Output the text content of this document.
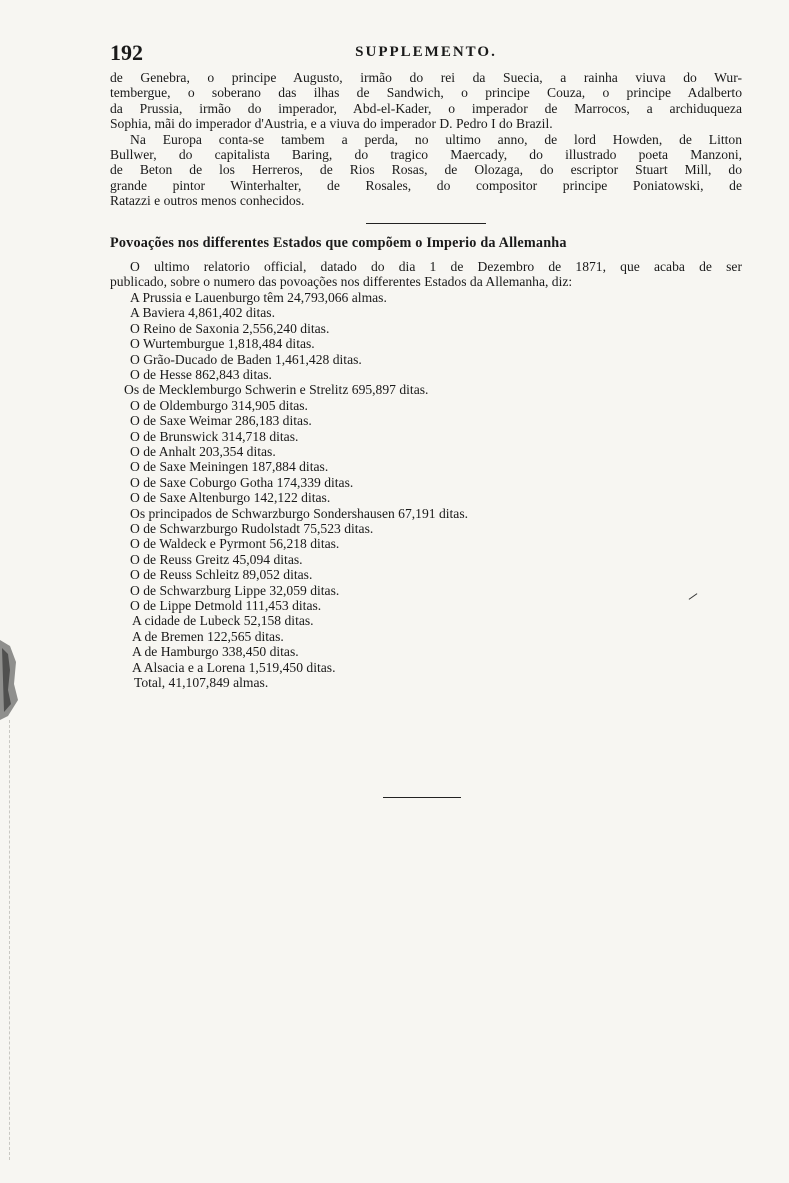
192	SUPPLEMENTO.

de Genebra, o principe Augusto, irmão do rei da Suecia, a rainha viuva do Wur-

tembergue, o soberano das ilhas de Sandwich, o principe Couza, o principe Adalberto

da Prussia, irmão do imperador, Abd-el-Kader, o imperador de Marrocos, a archiduqueza

Sophia, mãi do imperador d'Austria, e a viuva do imperador D. Pedro I do Brazil.

Na Europa conta-se tambem a perda, no ultimo anno, de lord Howden, de Litton

Bullwer, do capitalista Baring, do tragico Maercady, do illustrado poeta Manzoni,

de Beton de los Herreros, de Rios Rosas, de Olozaga, do escriptor Stuart Mill, do

grande pintor Winterhalter, de Rosales, do compositor principe Poniatowski, de

Ratazzi e outros menos conhecidos.

Povoações nos differentes Estados que compõem o Imperio da Allemanha

O ultimo relatorio official, datado do dia 1 de Dezembro de 1871, que acaba de ser

publicado, sobre o numero das povoações nos differentes Estados da Allemanha, diz:

A Prussia e Lauenburgo têm 24,793,066 almas.
A Baviera 4,861,402 ditas.
O Reino de Saxonia 2,556,240 ditas.
O Wurtemburgue 1,818,484 ditas.
O Grão-Ducado de Baden 1,461,428 ditas.
O de Hesse 862,843 ditas.
Os de Mecklemburgo Schwerin e Strelitz 695,897 ditas.
O de Oldemburgo 314,905 ditas.
O de Saxe Weimar 286,183 ditas.
O de Brunswick 314,718 ditas.
O de Anhalt 203,354 ditas.
O de Saxe Meiningen 187,884 ditas.
O de Saxe Coburgo Gotha 174,339 ditas.
O de Saxe Altenburgo 142,122 ditas.
Os principados de Schwarzburgo Sondershausen 67,191 ditas.
O de Schwarzburgo Rudolstadt 75,523 ditas.
O de Waldeck e Pyrmont 56,218 ditas.
O de Reuss Greitz 45,094 ditas.
O de Reuss Schleitz 89,052 ditas.
O de Schwarzburg Lippe 32,059 ditas.
O de Lippe Detmold 111,453 ditas.
A cidade de Lubeck 52,158 ditas.
A de Bremen 122,565 ditas.
A de Hamburgo 338,450 ditas.
A Alsacia e a Lorena 1,519,450 ditas.
Total, 41,107,849 almas.
